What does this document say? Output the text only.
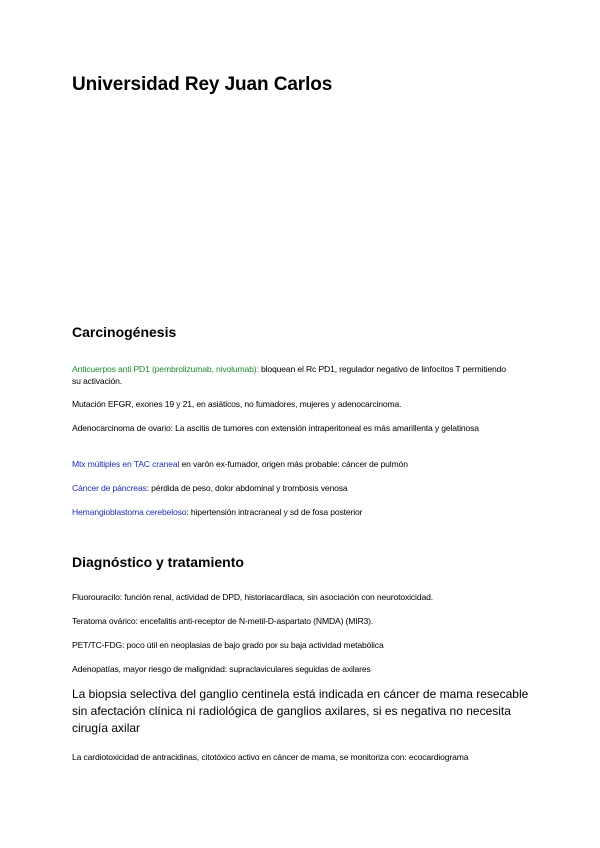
Universidad Rey Juan Carlos
Carcinogénesis

Anticuerpos anti PD1 (pembrolizumab, nivolumab): bloquean el Rc PD1, regulador negativo de linfocitos T permitiendo su activación.

Mutación EFGR, exones 19 y 21, en asiáticos, no fumadores, mujeres y adenocarcinoma.

Adenocarcinoma de ovario: La ascitis de tumores con extensión intraperitoneal es más amarillenta y gelatinosa

Mtx múltiples en TAC craneal en varón ex-fumador, origen más probable: cáncer de pulmón

Cáncer de páncreas: pérdida de peso, dolor abdominal y trombosis venosa

Hemangioblastoma cerebeloso: hipertensión intracraneal y sd de fosa posterior

Diagnóstico y tratamiento

Fluorouracilo: función renal, actividad de DPD, historiacardíaca, sin asociación con neurotoxicidad.

Teratoma ovárico: encefalitis anti-receptor de N-metil-D-aspartato (NMDA) (MIR3).

PET/TC-FDG: poco útil en neoplasias de bajo grado por su baja actividad metabólica

Adenopatías, mayor riesgo de malignidad: supraclaviculares seguidas de axilares

La biopsia selectiva del ganglio centinela está indicada en cáncer de mama resecable sin afectación clínica ni radiológica de ganglios axilares, si es negativa no necesita cirugía axilar

La cardiotoxicidad de antracidinas, citotóxico activo en cáncer de mama, se monitoriza con: ecocardiograma
